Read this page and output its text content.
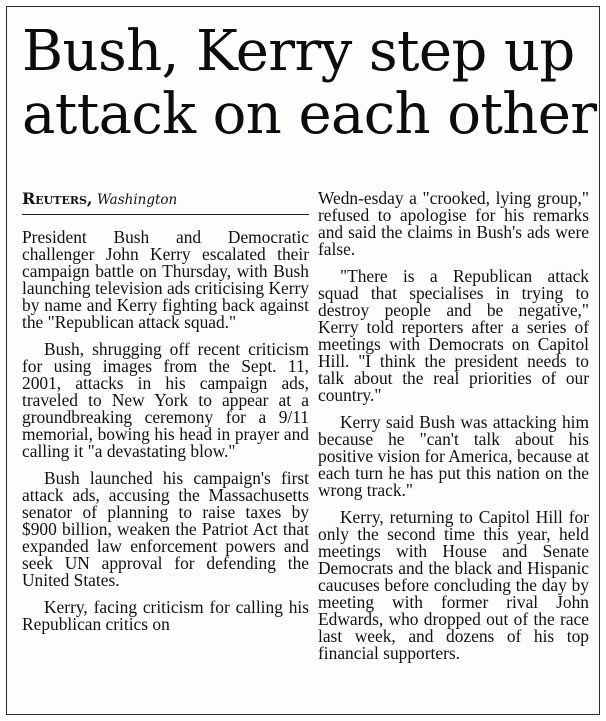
Bush, Kerry step up
attack on each other
Reuters, Washington

President Bush and Democratic challenger John Kerry escalated their campaign battle on Thursday, with Bush launching television ads criticising Kerry by name and Kerry fighting back against the "Republican attack squad."

Bush, shrugging off recent criticism for using images from the Sept. 11, 2001, attacks in his campaign ads, traveled to New York to appear at a groundbreaking ceremony for a 9/11 memorial, bowing his head in prayer and calling it "a devastating blow."

Bush launched his campaign's first attack ads, accusing the Massachusetts senator of planning to raise taxes by $900 billion, weaken the Patriot Act that expanded law enforcement powers and seek UN approval for defending the United States.

Kerry, facing criticism for calling his Republican critics on

Wedn-esday a "crooked, lying group," refused to apologise for his remarks and said the claims in Bush's ads were false.

"There is a Republican attack squad that specialises in trying to destroy people and be negative," Kerry told reporters after a series of meetings with Democrats on Capitol Hill. "I think the president needs to talk about the real priorities of our country."

Kerry said Bush was attacking him because he "can't talk about his positive vision for America, because at each turn he has put this nation on the wrong track."

Kerry, returning to Capitol Hill for only the second time this year, held meetings with House and Senate Democrats and the black and Hispanic caucuses before concluding the day by meeting with former rival John Edwards, who dropped out of the race last week, and dozens of his top financial supporters.
